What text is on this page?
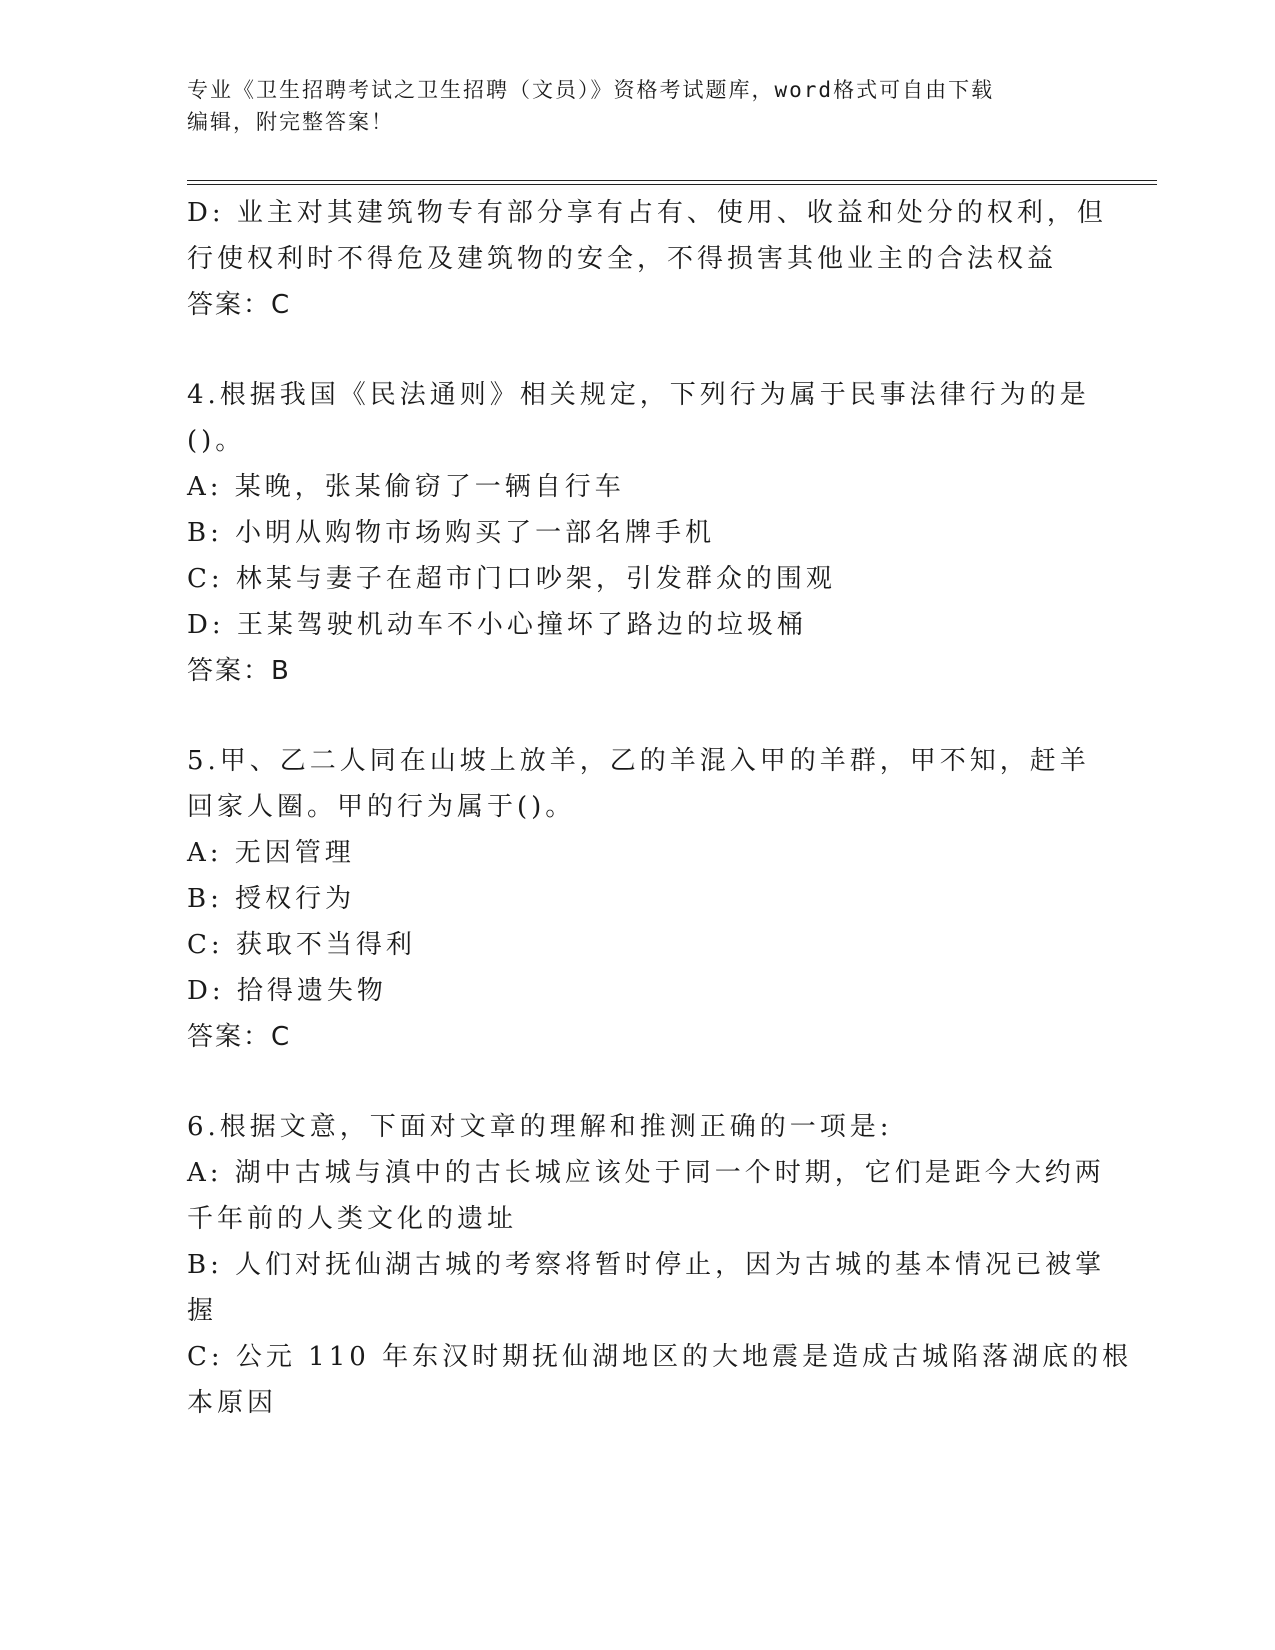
专业《卫生招聘考试之卫生招聘（文员）》资格考试题库，word格式可自由下载
编辑，附完整答案！
D: 业主对其建筑物专有部分享有占有、使用、收益和处分的权利，但
行使权利时不得危及建筑物的安全，不得损害其他业主的合法权益
答案：C
4.根据我国《民法通则》相关规定，下列行为属于民事法律行为的是
()。
A: 某晚，张某偷窃了一辆自行车
B: 小明从购物市场购买了一部名牌手机
C: 林某与妻子在超市门口吵架，引发群众的围观
D: 王某驾驶机动车不小心撞坏了路边的垃圾桶
答案：B
5.甲、乙二人同在山坡上放羊，乙的羊混入甲的羊群，甲不知，赶羊
回家人圈。甲的行为属于()。
A: 无因管理
B: 授权行为
C: 获取不当得利
D: 拾得遗失物
答案：C
6.根据文意，下面对文章的理解和推测正确的一项是:
A: 湖中古城与滇中的古长城应该处于同一个时期，它们是距今大约两
千年前的人类文化的遗址
B: 人们对抚仙湖古城的考察将暂时停止，因为古城的基本情况已被掌
握
C: 公元 110 年东汉时期抚仙湖地区的大地震是造成古城陷落湖底的根
本原因
